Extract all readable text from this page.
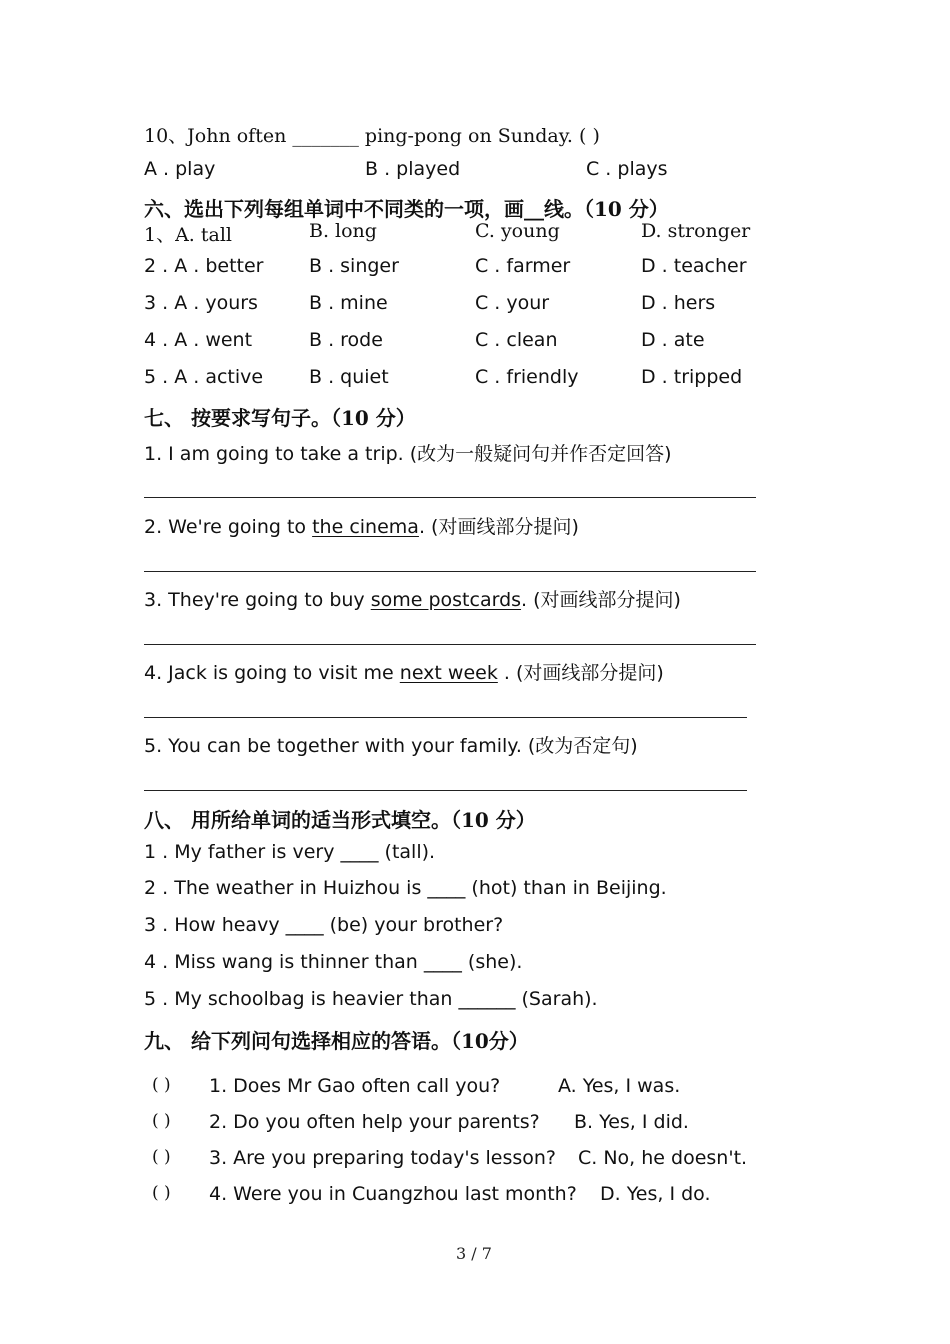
10、John often _______ ping-pong on Sunday. ( )
A . play	B . played	C . plays
六、选出下列每组单词中不同类的一项，画__线。（10 分）
1、A. tall	B. long	C. young	D. stronger
2 . A . better B . singer	C . farmer	D . teacher
3 . A . yours	B . mine	C . your	D . hers
4 . A . went	B . rode	C . clean	D . ate
5 . A . active B . quiet	C . friendly	D . tripped
七、 按要求写句子。（10 分）
1. I am going to take a trip. (改为一般疑问句并作否定回答)
2. We're going to the cinema. (对画线部分提问)
3. They're going to buy some postcards. (对画线部分提问)
4. Jack is going to visit me next week . (对画线部分提问)
5. You can be together with your family. (改为否定句)
八、 用所给单词的适当形式填空。（10 分）
1 . My father is very ____ (tall).
2 . The weather in Huizhou is ____ (hot) than in Beijing.
3 . How heavy ____ (be) your brother?
4 . Miss wang is thinner than ____ (she).
5 . My schoolbag is heavier than ______ (Sarah).
九、 给下列问句选择相应的答语。（10分）
( ) 1. Does Mr Gao often call you?	A. Yes, I was.
( ) 2. Do you often help your parents? B. Yes, I did.
( ) 3. Are you preparing today's lesson? C. No, he doesn't.
( ) 4. Were you in Cuangzhou last month? D. Yes, I do.
3 / 7
